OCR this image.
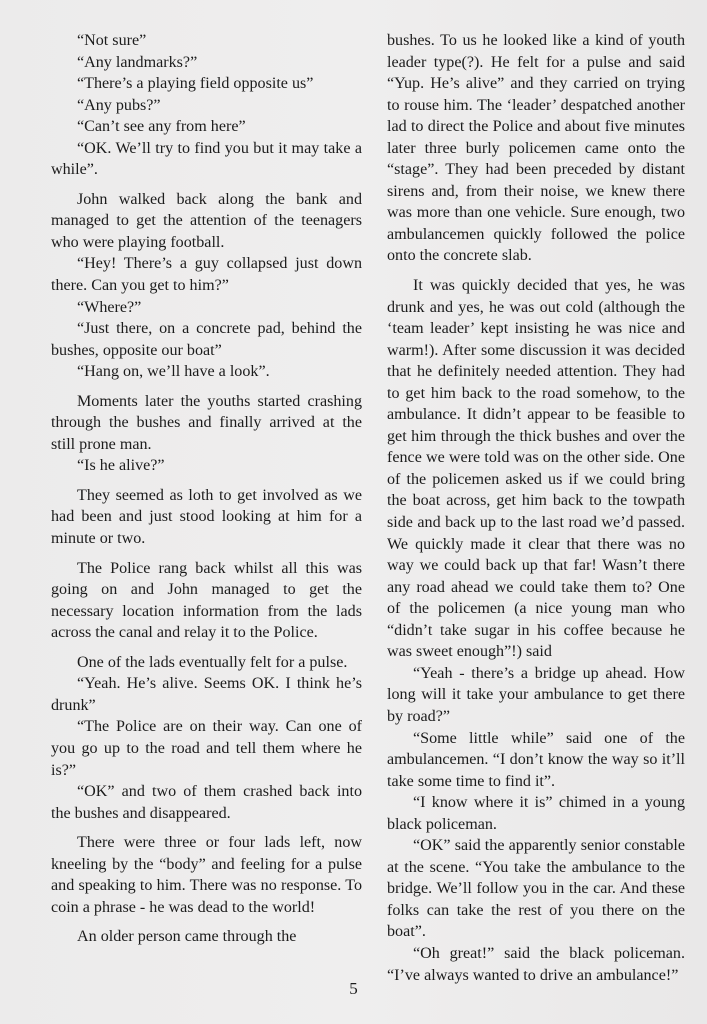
“Not sure”

“Any landmarks?”

“There’s a playing field opposite us”

“Any pubs?”

“Can’t see any from here”

“OK. We’ll try to find you but it may take a while”.

John walked back along the bank and managed to get the attention of the teenagers who were playing football.

“Hey! There’s a guy collapsed just down there. Can you get to him?”

“Where?”

“Just there, on a concrete pad, behind the bushes, opposite our boat”

“Hang on, we’ll have a look”.

Moments later the youths started crashing through the bushes and finally arrived at the still prone man.

“Is he alive?”

They seemed as loth to get involved as we had been and just stood looking at him for a minute or two.

The Police rang back whilst all this was going on and John managed to get the necessary location information from the lads across the canal and relay it to the Police.

One of the lads eventually felt for a pulse.

“Yeah. He’s alive. Seems OK. I think he’s drunk”

“The Police are on their way. Can one of you go up to the road and tell them where he is?”

“OK” and two of them crashed back into the bushes and disappeared.

There were three or four lads left, now kneeling by the “body” and feeling for a pulse and speaking to him. There was no response. To coin a phrase - he was dead to the world!

An older person came through the

bushes. To us he looked like a kind of youth leader type(?). He felt for a pulse and said “Yup. He’s alive” and they carried on trying to rouse him. The ‘leader’ despatched another lad to direct the Police and about five minutes later three burly policemen came onto the “stage”. They had been preceded by distant sirens and, from their noise, we knew there was more than one vehicle. Sure enough, two ambulancemen quickly followed the police onto the concrete slab.

It was quickly decided that yes, he was drunk and yes, he was out cold (although the ‘team leader’ kept insisting he was nice and warm!). After some discussion it was decided that he definitely needed attention. They had to get him back to the road somehow, to the ambulance. It didn’t appear to be feasible to get him through the thick bushes and over the fence we were told was on the other side. One of the policemen asked us if we could bring the boat across, get him back to the towpath side and back up to the last road we’d passed. We quickly made it clear that there was no way we could back up that far! Wasn’t there any road ahead we could take them to? One of the policemen (a nice young man who “didn’t take sugar in his coffee because he was sweet enough”!) said

“Yeah - there’s a bridge up ahead. How long will it take your ambulance to get there by road?”

“Some little while” said one of the ambulancemen. “I don’t know the way so it’ll take some time to find it”.

“I know where it is” chimed in a young black policeman.

“OK” said the apparently senior constable at the scene. “You take the ambulance to the bridge. We’ll follow you in the car. And these folks can take the rest of you there on the boat”.

“Oh great!” said the black policeman. “I’ve always wanted to drive an ambulance!”

5
